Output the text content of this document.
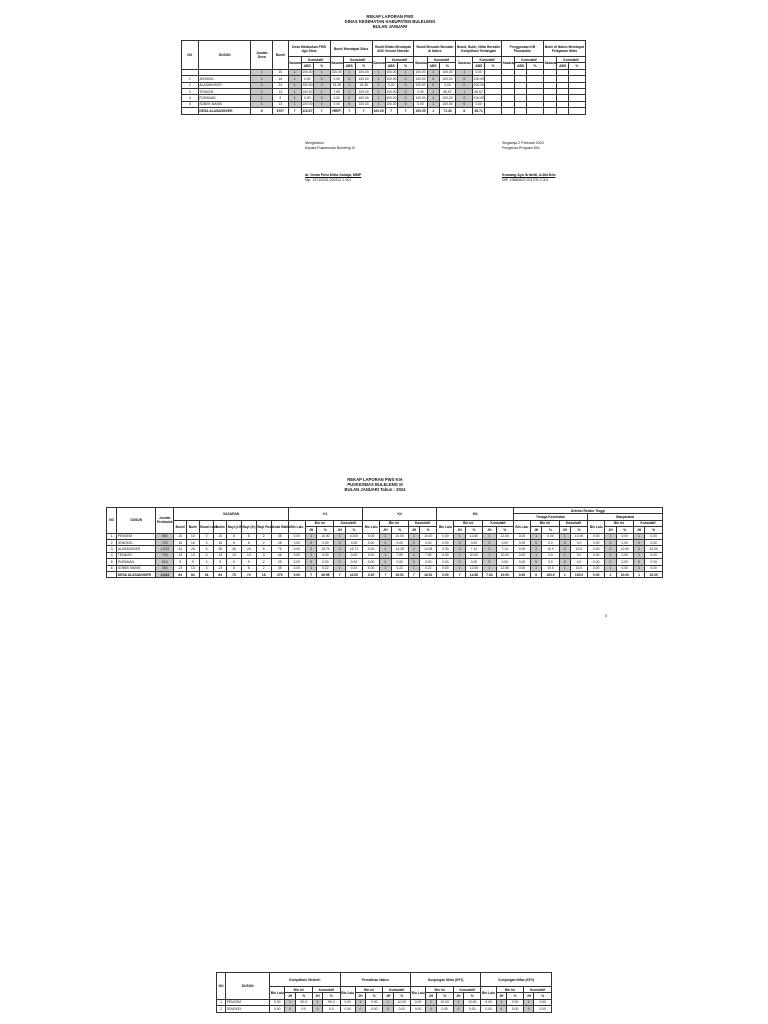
REKAP LAPORAN PWS
DINAS KESEHATAN KABUPATEN BULELENG
BULAN JANUARI
NO	DUSUN	Jumlah Desa	Bumil	Desa Melakukan PWS dgn Situs			Bumil Mendapat Situs			Bumil Bidan Mendapat ANC Sesuai Standar			Bumil Bersalin Bersalin di Nakes			Bumil, Bulin, Nifas Bersalin Komplikasi Tertangani			Penggunaan KB Pascasalin			Bulin di Nakes Mendapat Pelayanan Nifas		
				Sasaran	Kumulatif		Sasaran	Kumulatif		Sasaran	Kumulatif		Sasaran	Kumulatif		Sasaran	Kumulatif		Sasaran	Kumulatif		Sasaran	Kumulatif	
					ABS	%		ABS	%		ABS	%		ABS	%		ABS	%		ABS	%		ABS	%
		1	10	1	100.00	1	100.00	1	100.00	1	100.00	1	100.00	1	100.00	1	0.00							
1	JENGKEL	1	16	1	0.00	0	0.00	0	100.00	1	100.00	0	100.00	0	100.00	0	100.00							
2	ALASANGKER	1	24	1	100.00	2	15.38	1	15.38	1	0.00	0	100.00	0	0.00	0	100.00							
3	TENAON	1	13	1	100.00	1	7.69	1	100.00	1	100.00	0	0.00	1	66.67	1	66.67							
4	PURANAN	1	9	1	0.00	0	0.00	0	400.00	1	400.00	0	100.00	1	100.00	0	100.00							
5	SOBEK MANIS	1	13	1	100.00	0	0.00	0	100.00	1	100.00	0	0.00	1	100.00	0	0.00							
	DESA ALASANGKER	6	6707	7	116.67	7	#REF!	7	7	100.00	7	7	100.00	1	71.43	6	85.71							
Mengetahui
Kepala Puskesmas Buleleng III
dr. Dewa Putu Mirta Sukaja, MMP
Nip. 19710226 200312 1 001
Singaraja 2 Pebruari 2024
Pengelola Program KIA
Komang Ayu Srianiti, A.Md.Keb
NIP. 19860829 201705 2 001
REKAP LAPORAN PWS KIA
PUSKESMAS BULELENG III
BULAN JANUARI Tahun : 2024
NO	DUSUN	Jumlah Penduduk	SASARAN								K1					K4					KN					Deteksi Resiko Tinggi									
																										Tenaga Kesehatan					Masyarakat				
			Bumil	Bulin	Bumil resti	Bufas	Bayi (LH)	Bayi (lh)	Bayi Resti	Anak Balita	Bln Lalu	Bln ini		Kumulatif		Bln Lalu	Bln ini		Kumulatif		Bln Lalu	Bln ini		Kumulatif		Bln Lalu	Bln ini		Kumulatif		Bln Lalu	Bln ini		Kumulatif	
												JH	%	JH	%		JH	%	JH	%		JH	%	JH	%		JH	%	JH	%		JH	%	JH	%
1	PENDEM	563	10	10	2	10	8	8	2	35	0.00	1	10.00	1	10.00	0.00	1	10.00	1	10.00	0.00	1	12.50	1	12.50	0.00	1	0.00	1	10.00	0.00	1	0.00	1	0.00
2	JENGKEL	720	16	16	3	16	8	8	2	28	0.00	0	0.00	0	0.00	0.00	0	0.00	0	0.00	0.00	0	0.00	0	0.00	0.00	0	0.0	0	0.0	0.00	0	0.00	0	0.00
3	ALASANGKER	1,003	24	26	5	26	26	26	5	75	0.00	2	15.75	2	15.71	0.00	2	14.28	2	14.28	0.00	2	7.14	2	7.14	0.00	2	10.0	2	10.0	0.00	2	10.00	2	10.00
4	TENAON	740	13	13	3	13	13	13	3	46	0.00	1	0.00	1	0.00	0.00	1	7.69	1	7.69	0.00	1	20.00	1	20.00	0.00	1	0.0	1	0.0	0.00	1	0.00	1	0.00
5	PURANAN	615	9	9	2	9	9	9	2	25	0.00	0	0.00	0	0.00	0.00	0	0.00	0	0.00	0.00	0	0.00	0	0.00	0.00	0	0.0	0	0.0	0.00	0	0.00	0	0.00
6	SOBEK MANIS	354	13	13	3	13	8	8	2	38	0.00	1	0.22	1	0.22	0.00	1	0.22	1	0.22	0.00	1	12.50	1	12.50	0.00	1	10.0	1	10.0	0.00	1	0.00	1	0.00
	DESA ALASANGKER	4,044	84	84	18	84	78	72	18	275	0.00	7	46.95	7	10.00	0.00	7	16.51	7	16.51	0.00	7	14.58	7.04	10.00	0.00	6	100.0	1	100.0	0.00	1	10.00	1	10.00
0
NO	DUSUN	Komplikasi Obstetri					Persalinan Nakes					Kunjungan Nifas (KF1)					Kunjungan Nifas (KF3)				
		Bln Lalu	Bln ini		Kumulatif		Bln Lalu	Bln ini		Kumulatif		Bln Lalu	Bln ini		Kumulatif		Bln Lalu	Bln ini		Kumulatif	
			JH	%	JH	%		JH	%	JH	%		JH	%	JH	%		JH	%	JH	%
1	PENDEM	0.00	1	50.0	1	50.0	0.00	1	0.00	1	10.00	0.00	1	10.00	1	10.00	0.00	1	0.00	1	0.00
2	JENGKEL	0.00	0	0.0	0	0.0	0.00	0	0.00	0	0.00	0.00	0	0.00	0	0.00	0.00	0	0.00	0	0.00
